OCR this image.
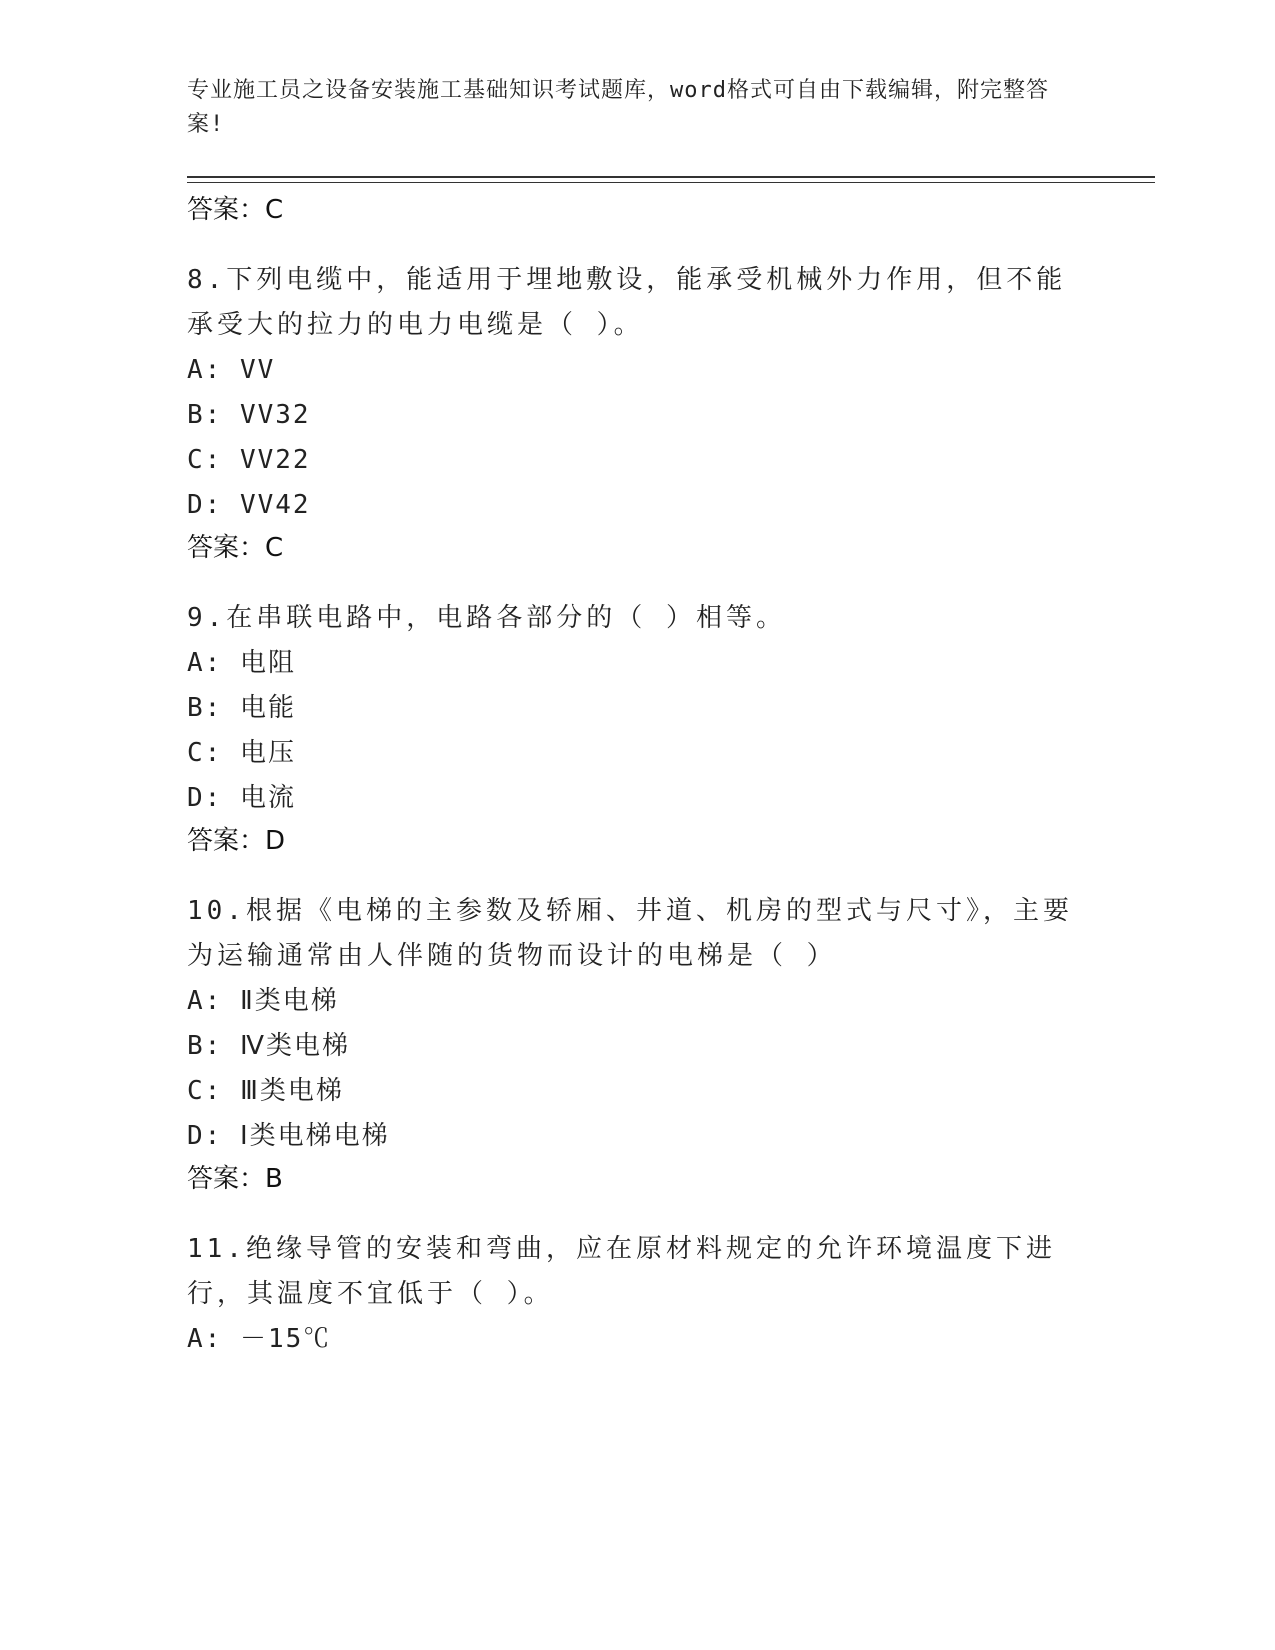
专业施工员之设备安装施工基础知识考试题库，word格式可自由下载编辑，附完整答案!
答案：C
8.下列电缆中，能适用于埋地敷设，能承受机械外力作用，但不能承受大的拉力的电力电缆是（ ）。
A: VV
B: VV32
C: VV22
D: VV42
答案：C
9.在串联电路中，电路各部分的（ ）相等。
A: 电阻
B: 电能
C: 电压
D: 电流
答案：D
10.根据《电梯的主参数及轿厢、井道、机房的型式与尺寸》，主要为运输通常由人伴随的货物而设计的电梯是（ ）
A: Ⅱ类电梯
B: Ⅳ类电梯
C: Ⅲ类电梯
D: Ⅰ类电梯电梯
答案：B
11.绝缘导管的安装和弯曲，应在原材料规定的允许环境温度下进行，其温度不宜低于（ ）。
A: －15℃
